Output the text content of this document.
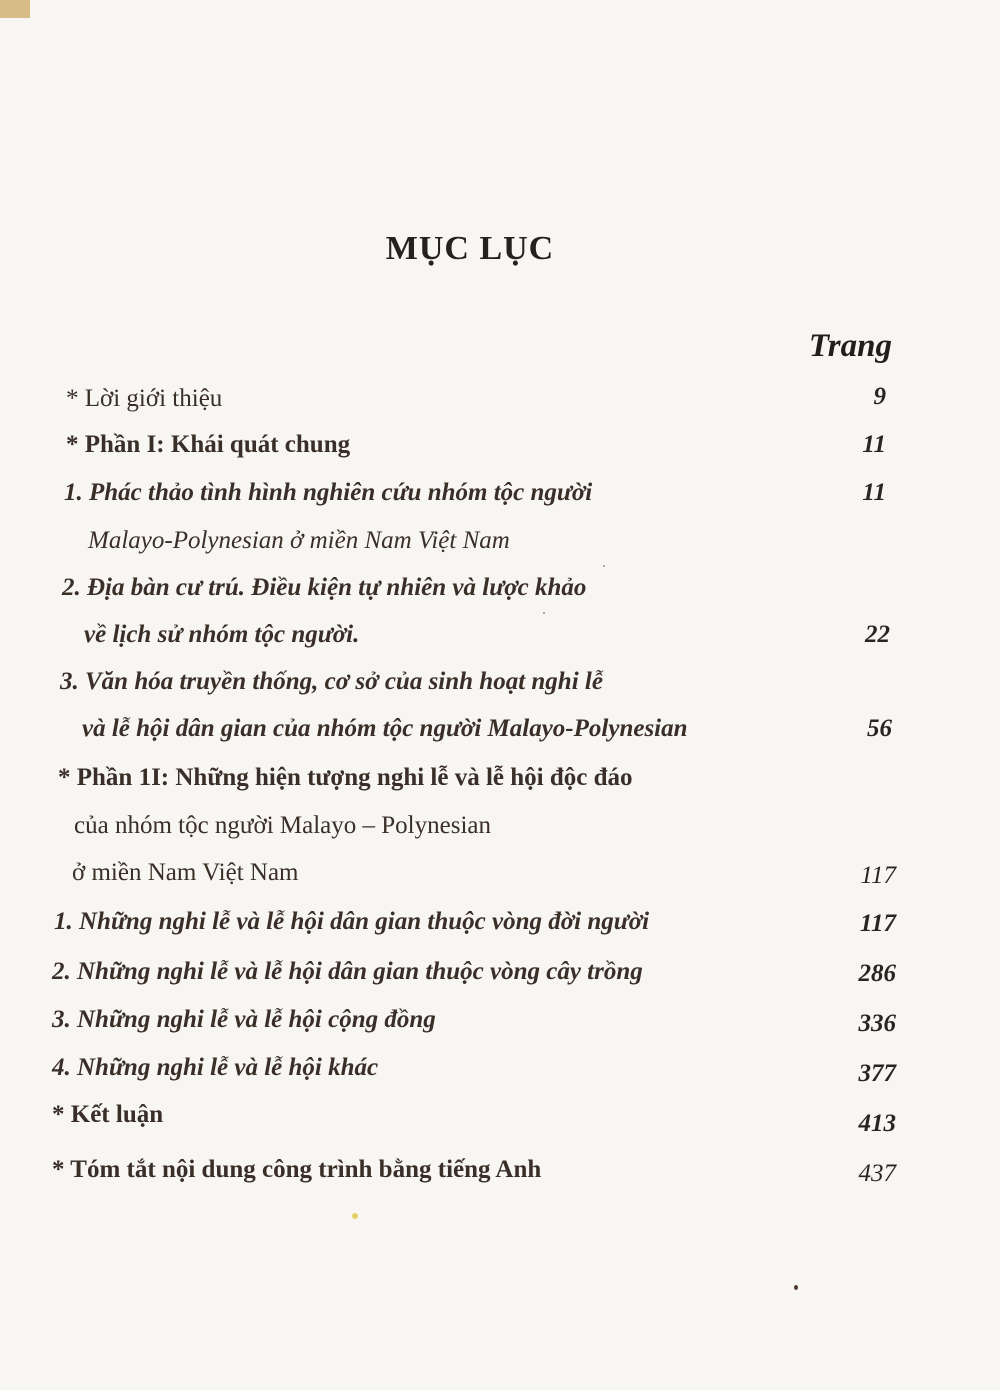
MỤC LỤC
Trang
* Lời giới thiệu
* Phần I: Khái quát chung
1. Phác thảo tình hình nghiên cứu nhóm tộc người
Malayo-Polynesian ở miền Nam Việt Nam
2. Địa bàn cư trú. Điều kiện tự nhiên và lược khảo
về lịch sử nhóm tộc người.
3. Văn hóa truyền thống, cơ sở của sinh hoạt nghi lễ
và lễ hội dân gian của nhóm tộc người Malayo-Polynesian
* Phần 1I: Những hiện tượng nghi lễ và lễ hội độc đáo
của nhóm tộc người Malayo – Polynesian
ở miền Nam Việt Nam
1. Những nghi lễ và lễ hội dân gian thuộc vòng đời người
2. Những nghi lễ và lễ hội dân gian thuộc vòng cây trồng
3. Những nghi lễ và lễ hội cộng đồng
4. Những nghi lễ và lễ hội khác
* Kết luận
* Tóm tắt nội dung công trình bằng tiếng Anh
9
11
11
22
56
117
117
286
336
377
413
437
